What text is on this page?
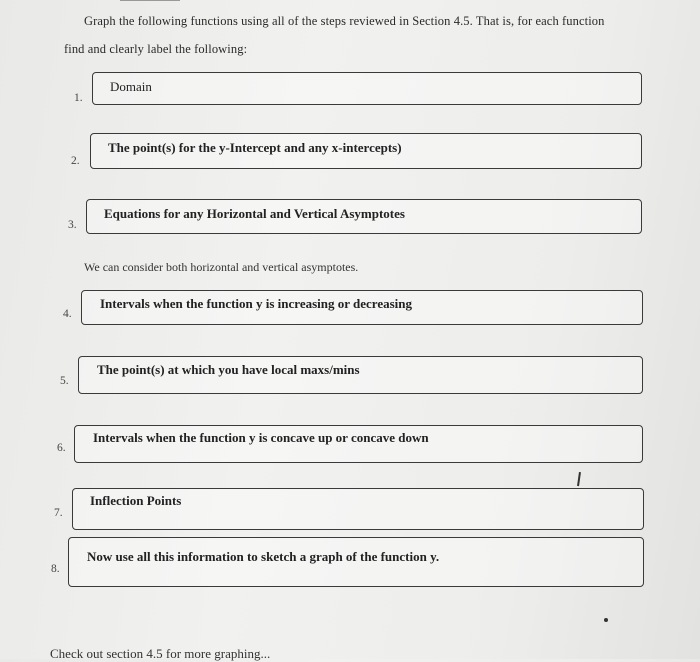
Graph the following functions using all of the steps reviewed in Section 4.5. That is, for each function
find and clearly label the following:
1.
Domain
2.
The point(s) for the y-Intercept and any x-intercepts)
3.
Equations for any Horizontal and Vertical Asymptotes
We can consider both horizontal and vertical asymptotes.
4.
Intervals when the function y is increasing or decreasing
5.
The point(s) at which you have local maxs/mins
6.
Intervals when the function y is concave up or concave down
7.
Inflection Points
8.
Now use all this information to sketch a graph of the function y.
Check out section 4.5 for more graphing...
